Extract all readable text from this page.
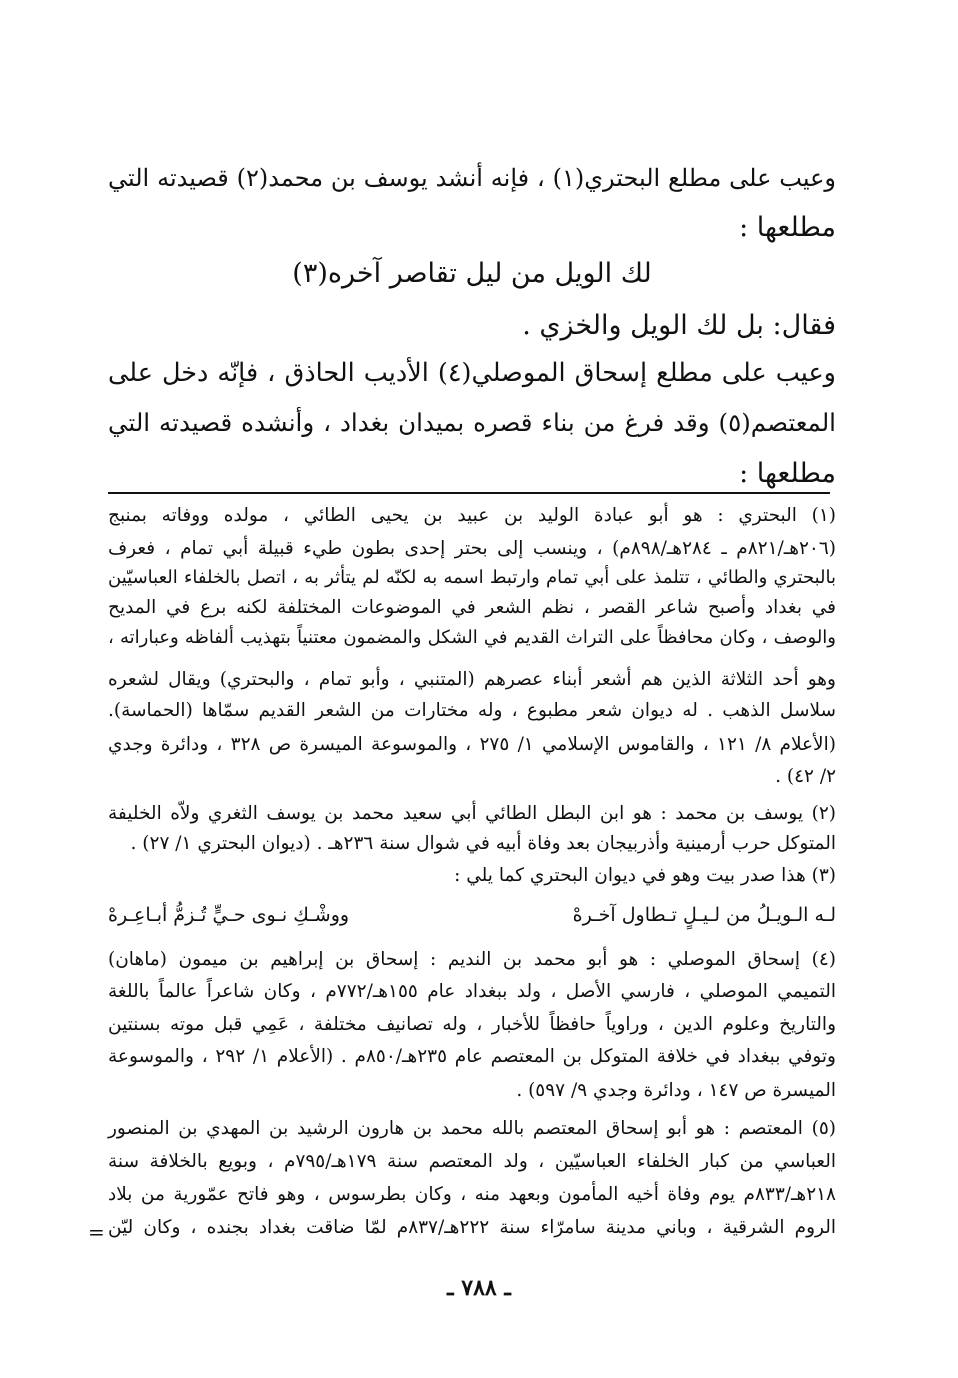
وعيب على مطلع البحتري(١) ، فإنه أنشد يوسف بن محمد(٢) قصيدته التي
مطلعها :
لك الويل من ليل تقاصر آخره(٣)
فقال: بل لك الويل والخزي .
وعيب على مطلع إسحاق الموصلي(٤) الأديب الحاذق ، فإنّه دخل على
المعتصم(٥) وقد فرغ من بناء قصره بميدان بغداد ، وأنشده قصيدته التي
مطلعها :
(١) البحتري : هو أبو عبادة الوليد بن عبيد بن يحيى الطائي ، مولده ووفاته بمنبج
(٢٠٦هـ/٨٢١م ـ ٢٨٤هـ/٨٩٨م) ، وينسب إلى بحتر إحدى بطون طيء قبيلة أبي تمام ، فعرف
بالبحتري والطائي ، تتلمذ على أبي تمام وارتبط اسمه به لكنّه لم يتأثر به ، اتصل بالخلفاء العباسيّين
في بغداد وأصبح شاعر القصر ، نظم الشعر في الموضوعات المختلفة لكنه برع في المديح
والوصف ، وكان محافظاً على التراث القديم في الشكل والمضمون معتنياً بتهذيب ألفاظه وعباراته ،
وهو أحد الثلاثة الذين هم أشعر أبناء عصرهم (المتنبي ، وأبو تمام ، والبحتري) ويقال لشعره
سلاسل الذهب . له ديوان شعر مطبوع ، وله مختارات من الشعر القديم سمّاها (الحماسة).
(الأعلام ٨/ ١٢١ ، والقاموس الإسلامي ١/ ٢٧٥ ، والموسوعة الميسرة ص ٣٢٨ ، ودائرة وجدي
٢/ ٤٢) .
(٢) يوسف بن محمد : هو ابن البطل الطائي أبي سعيد محمد بن يوسف الثغري ولاّه الخليفة
المتوكل حرب أرمينية وأذربيجان بعد وفاة أبيه في شوال سنة ٢٣٦هـ . (ديوان البحتري ١/ ٢٧) .
(٣) هذا صدر بيت وهو في ديوان البحتري كما يلي :
لـه الـويـلُ من لـيـلٍ تـطاول آخـرهْ
ووشْـكِ نـوى حـيٍّ تُـزمُّ أبـاعِـرهْ
(٤) إسحاق الموصلي : هو أبو محمد بن النديم : إسحاق بن إبراهيم بن ميمون (ماهان)
التميمي الموصلي ، فارسي الأصل ، ولد ببغداد عام ١٥٥هـ/٧٧٢م ، وكان شاعراً عالماً باللغة
والتاريخ وعلوم الدين ، وراوياً حافظاً للأخبار ، وله تصانيف مختلفة ، عَمِي قبل موته بسنتين
وتوفي ببغداد في خلافة المتوكل بن المعتصم عام ٢٣٥هـ/٨٥٠م . (الأعلام ١/ ٢٩٢ ، والموسوعة
الميسرة ص ١٤٧ ، ودائرة وجدي ٩/ ٥٩٧) .
(٥) المعتصم : هو أبو إسحاق المعتصم بالله محمد بن هارون الرشيد بن المهدي بن المنصور
العباسي من كبار الخلفاء العباسيّين ، ولد المعتصم سنة ١٧٩هـ/٧٩٥م ، وبويع بالخلافة سنة
٢١٨هـ/٨٣٣م يوم وفاة أخيه المأمون وبعهد منه ، وكان بطرسوس ، وهو فاتح عمّورية من بلاد
الروم الشرقية ، وباني مدينة سامرّاء سنة ٢٢٢هـ/٨٣٧م لمّا ضاقت بغداد بجنده ، وكان ليّن
=
ـ ٧٨٨ ـ
